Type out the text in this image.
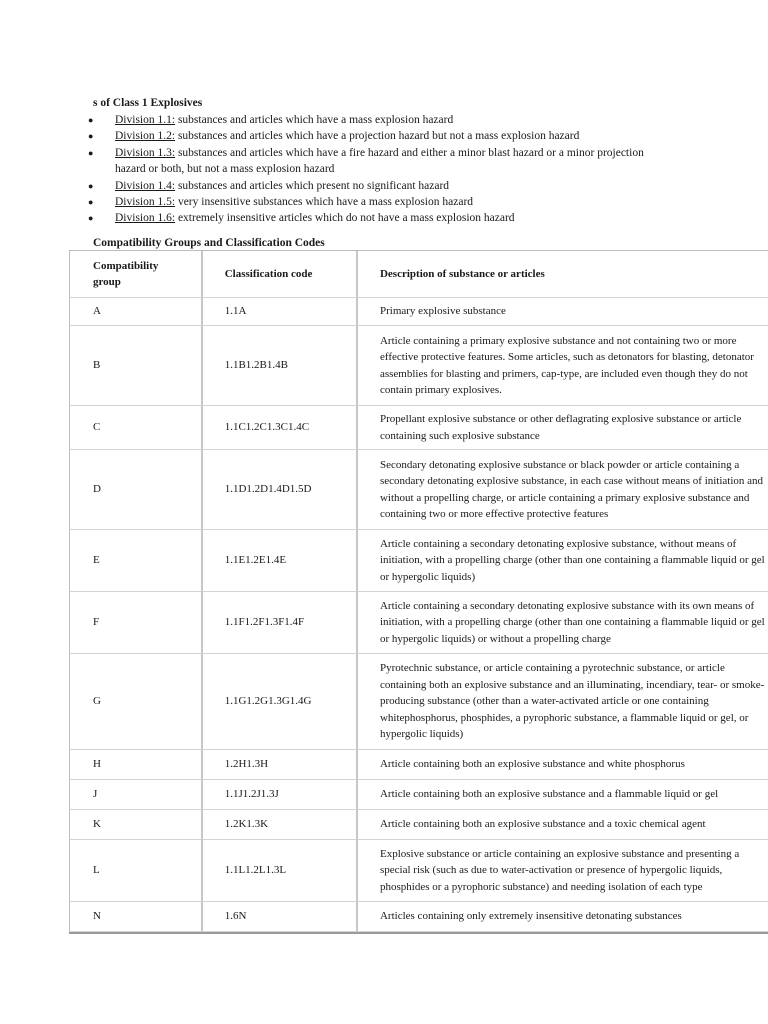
s of Class 1 Explosives
● Division 1.1: substances and articles which have a mass explosion hazard
● Division 1.2: substances and articles which have a projection hazard but not a mass explosion hazard
● Division 1.3: substances and articles which have a fire hazard and either a minor blast hazard or a minor projection hazard or both, but not a mass explosion hazard
● Division 1.4: substances and articles which present no significant hazard
● Division 1.5: very insensitive substances which have a mass explosion hazard
● Division 1.6: extremely insensitive articles which do not have a mass explosion hazard
Compatibility Groups and Classification Codes
Compatibility group	Classification code	Description of substance or articles
A	1.1A	Primary explosive substance

B	1.1B1.2B1.4B	Article containing a primary explosive substance and not containing two or more effective protective features. Some articles, such as detonators for blasting, detonator assemblies for blasting and primers, cap-type, are included even though they do not contain primary explosives.

C	1.1C1.2C1.3C1.4C	Propellant explosive substance or other deflagrating explosive substance or article containing such explosive substance

D	1.1D1.2D1.4D1.5D	Secondary detonating explosive substance or black powder or article containing a secondary detonating explosive substance, in each case without means of initiation and without a propelling charge, or article containing a primary explosive substance and containing two or more effective protective features

E	1.1E1.2E1.4E	Article containing a secondary detonating explosive substance, without means of initiation, with a propelling charge (other than one containing a flammable liquid or gel or hypergolic liquids)

F	1.1F1.2F1.3F1.4F	Article containing a secondary detonating explosive substance with its own means of initiation, with a propelling charge (other than one containing a flammable liquid or gel or hypergolic liquids) or without a propelling charge

G	1.1G1.2G1.3G1.4G	Pyrotechnic substance, or article containing a pyrotechnic substance, or article containing both an explosive substance and an illuminating, incendiary, tear- or smoke-producing substance (other than a water-activated article or one containing whitephosphorus, phosphides, a pyrophoric substance, a flammable liquid or gel, or hypergolic liquids)

H	1.2H1.3H	Article containing both an explosive substance and white phosphorus

J	1.1J1.2J1.3J	Article containing both an explosive substance and a flammable liquid or gel

K	1.2K1.3K	Article containing both an explosive substance and a toxic chemical agent

L	1.1L1.2L1.3L	Explosive substance or article containing an explosive substance and presenting a special risk (such as due to water-activation or presence of hypergolic liquids, phosphides or a pyrophoric substance) and needing isolation of each type

N	1.6N	Articles containing only extremely insensitive detonating substances
